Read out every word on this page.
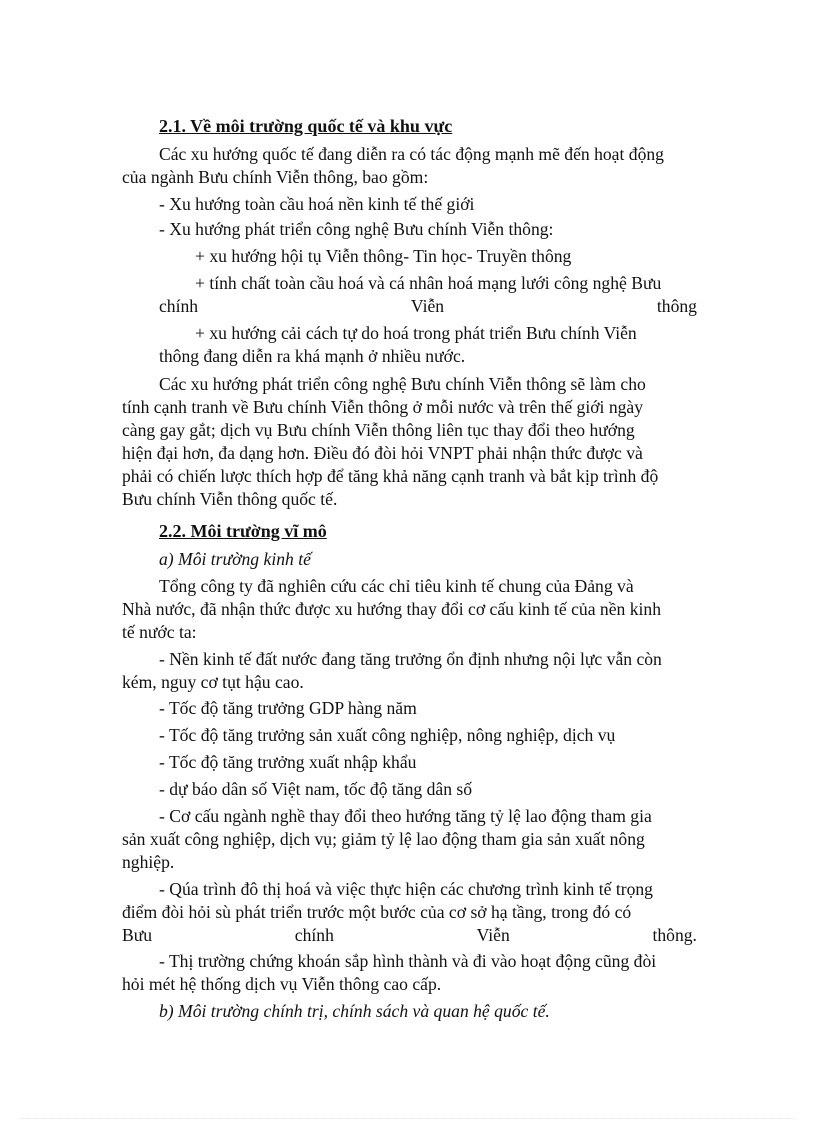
2.1. Về môi trường quốc tế và khu vực
Các xu hướng quốc tế đang diễn ra có tác động mạnh mẽ đến hoạt động
của ngành Bưu chính Viễn thông, bao gồm:
- Xu hướng toàn cầu hoá nền kinh tế thế giới
- Xu hướng phát triển công nghệ Bưu chính Viễn thông:
+ xu hướng hội tụ Viễn thông- Tin học- Truyền thông
+ tính chất toàn cầu hoá và cá nhân hoá mạng lưới công nghệ Bưu
chính	Viễn	thông
+ xu hướng cải cách tự do hoá trong phát triển Bưu chính Viễn
thông đang diễn ra khá mạnh ở nhiều nước.
Các xu hướng phát triển công nghệ Bưu chính Viễn thông sẽ làm cho
tính cạnh tranh về Bưu chính Viễn thông ở mỗi nước và trên thế giới ngày
càng gay gắt; dịch vụ Bưu chính Viễn thông liên tục thay đổi theo hướng
hiện đại hơn, đa dạng hơn. Điều đó đòi hỏi VNPT phải nhận thức được và
phải có chiến lược thích hợp để tăng khả năng cạnh tranh và bắt kịp trình độ
Bưu chính Viễn thông quốc tế.
2.2. Môi trường vĩ mô
a) Môi trường kinh tế
Tổng công ty đã nghiên cứu các chỉ tiêu kinh tế chung của Đảng và
Nhà nước, đã nhận thức được xu hướng thay đổi cơ cấu kinh tế của nền kinh
tế nước ta:
- Nền kinh tế đất nước đang tăng trưởng ổn định nhưng nội lực vẫn còn
kém, nguy cơ tụt hậu cao.
- Tốc độ tăng trưởng GDP hàng năm
- Tốc độ tăng trưởng sản xuất công nghiệp, nông nghiệp, dịch vụ
- Tốc độ tăng trưởng xuất nhập khẩu
- dự báo dân số Việt nam, tốc độ tăng dân số
- Cơ cấu ngành nghề thay đổi theo hướng tăng tỷ lệ lao động tham gia
sản xuất công nghiệp, dịch vụ; giảm tỷ lệ lao động tham gia sản xuất nông
nghiệp.
- Qúa trình đô thị hoá và việc thực hiện các chương trình kinh tế trọng
điểm đòi hỏi sù phát triển trước một bước của cơ sở hạ tầng, trong đó có
Bưu	chính	Viễn	thông.
- Thị trường chứng khoán sắp hình thành và đi vào hoạt động cũng đòi
hỏi mét hệ thống dịch vụ Viễn thông cao cấp.
b) Môi trường chính trị, chính sách và quan hệ quốc tế.
